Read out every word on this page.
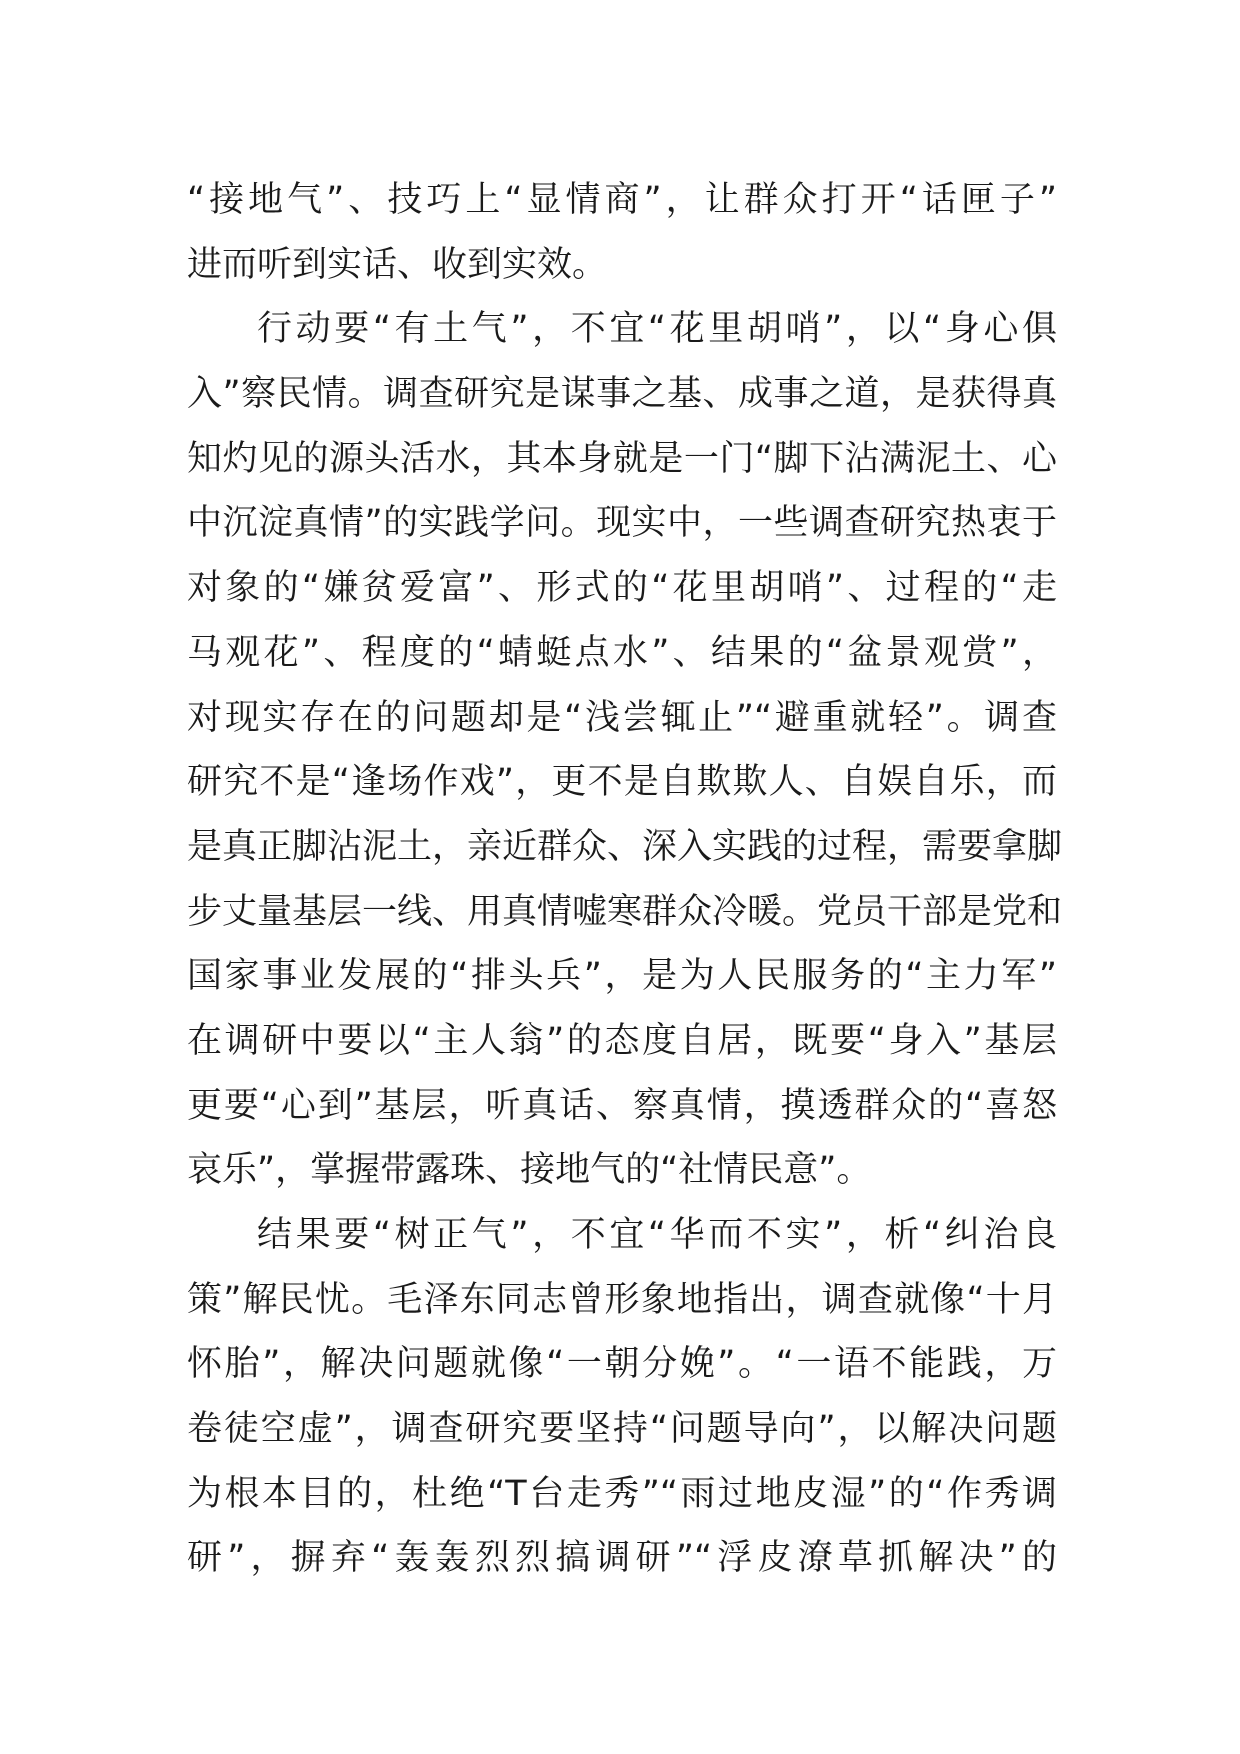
“接地气”、技巧上“显情商”，让群众打开“话匣子”
进而听到实话、收到实效。
行动要“有土气”，不宜“花里胡哨”，以“身心俱
入”察民情。调查研究是谋事之基、成事之道，是获得真
知灼见的源头活水，其本身就是一门“脚下沾满泥土、心
中沉淀真情”的实践学问。现实中，一些调查研究热衷于
对象的“嫌贫爱富”、形式的“花里胡哨”、过程的“走
马观花”、程度的“蜻蜓点水”、结果的“盆景观赏”，
对现实存在的问题却是“浅尝辄止”“避重就轻”。调查
研究不是“逢场作戏”，更不是自欺欺人、自娱自乐，而
是真正脚沾泥土，亲近群众、深入实践的过程，需要拿脚
步丈量基层一线、用真情嘘寒群众冷暖。党员干部是党和
国家事业发展的“排头兵”，是为人民服务的“主力军”
在调研中要以“主人翁”的态度自居，既要“身入”基层
更要“心到”基层，听真话、察真情，摸透群众的“喜怒
哀乐”，掌握带露珠、接地气的“社情民意”。
结果要“树正气”，不宜“华而不实”，析“纠治良
策”解民忧。毛泽东同志曾形象地指出，调查就像“十月
怀胎”，解决问题就像“一朝分娩”。“一语不能践，万
卷徒空虚”，调查研究要坚持“问题导向”，以解决问题
为根本目的，杜绝“T台走秀”“雨过地皮湿”的“作秀调
研”，摒弃“轰轰烈烈搞调研”“浮皮潦草抓解决”的
